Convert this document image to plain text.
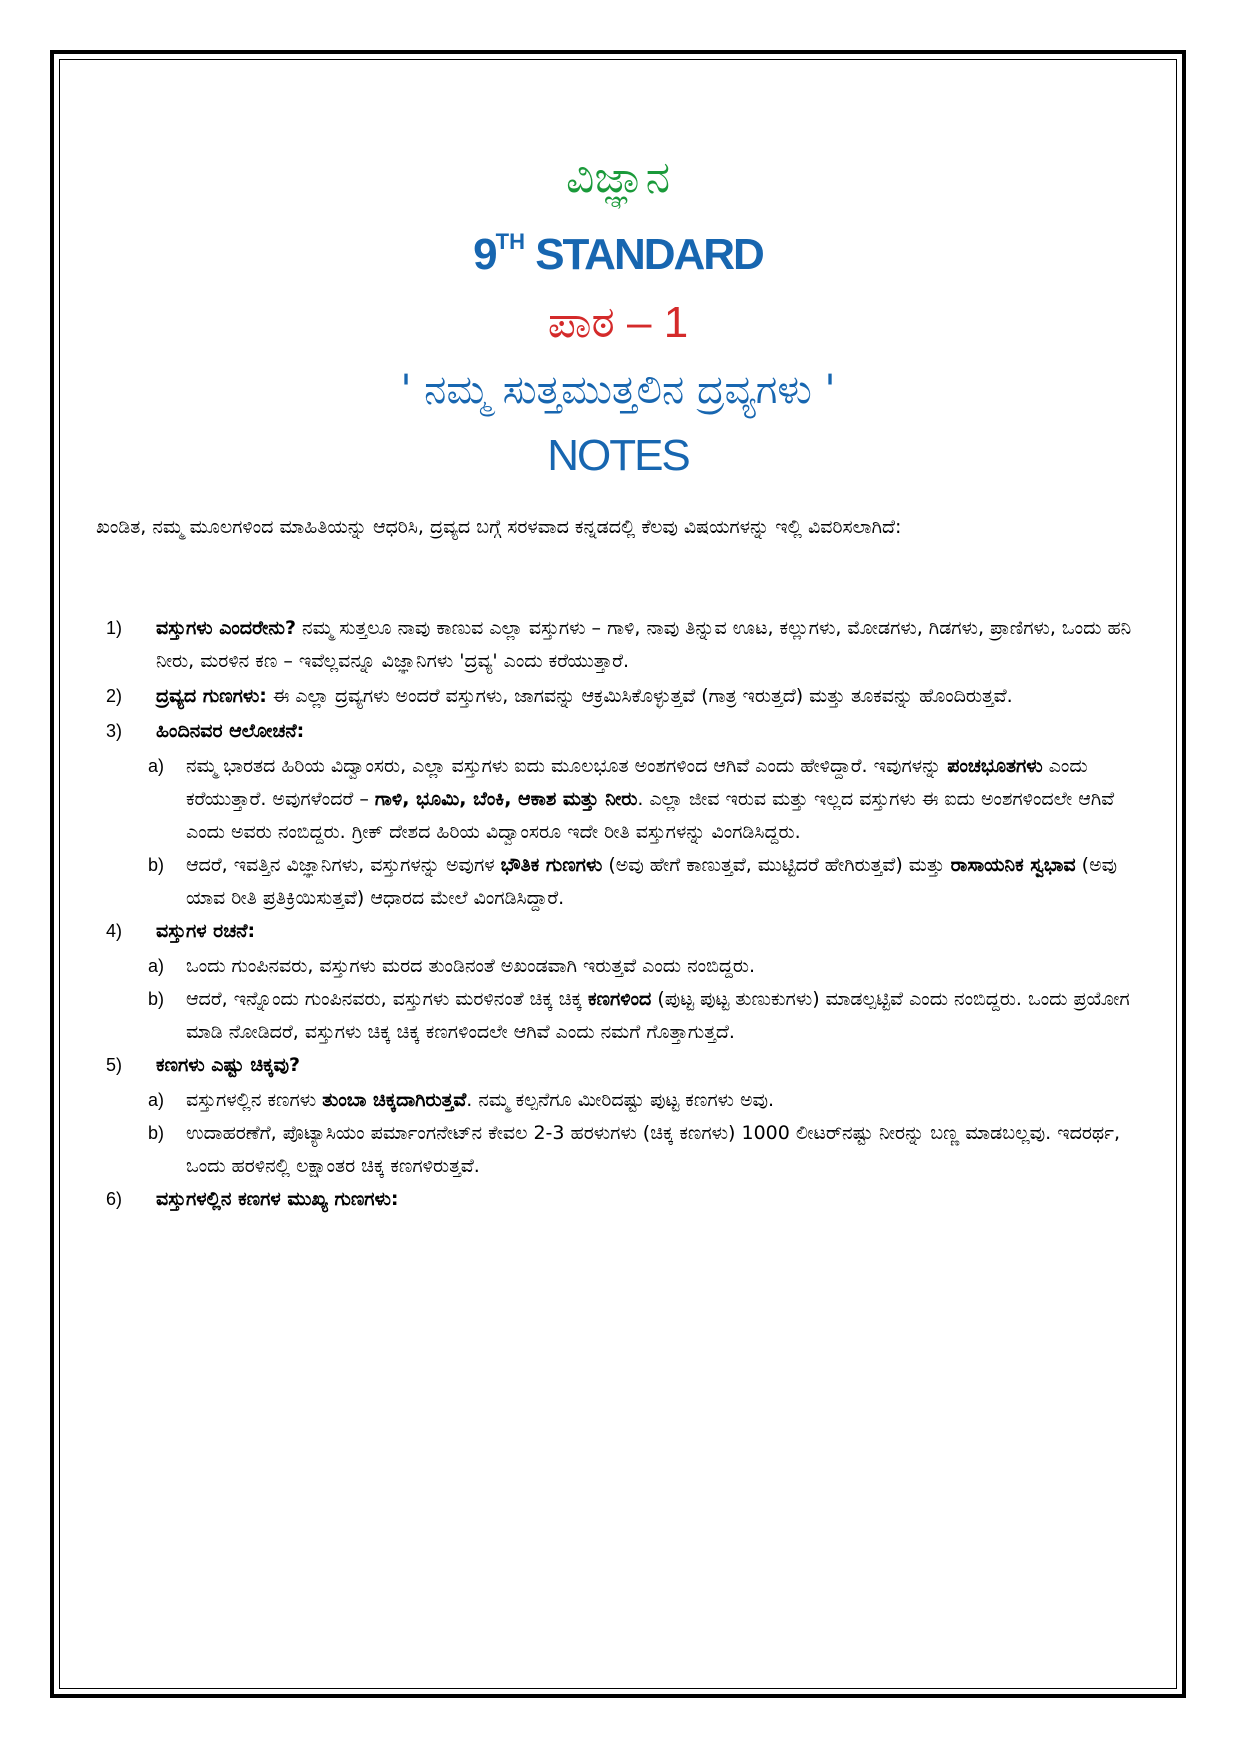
ವಿಜ್ಞಾನ
9TH STANDARD
ಪಾಠ – 1
' ನಮ್ಮ ಸುತ್ತಮುತ್ತಲಿನ ದ್ರವ್ಯಗಳು '
NOTES
ಖಂಡಿತ, ನಮ್ಮ ಮೂಲಗಳಿಂದ ಮಾಹಿತಿಯನ್ನು ಆಧರಿಸಿ, ದ್ರವ್ಯದ ಬಗ್ಗೆ ಸರಳವಾದ ಕನ್ನಡದಲ್ಲಿ ಕೆಲವು ವಿಷಯಗಳನ್ನು ಇಲ್ಲಿ ವಿವರಿಸಲಾಗಿದೆ:
1)	ವಸ್ತುಗಳು ಎಂದರೇನು? ನಮ್ಮ ಸುತ್ತಲೂ ನಾವು ಕಾಣುವ ಎಲ್ಲಾ ವಸ್ತುಗಳು – ಗಾಳಿ, ನಾವು ತಿನ್ನುವ ಊಟ, ಕಲ್ಲುಗಳು, ಮೋಡಗಳು, ಗಿಡಗಳು, ಪ್ರಾಣಿಗಳು, ಒಂದು ಹನಿ ನೀರು, ಮರಳಿನ ಕಣ – ಇವೆಲ್ಲವನ್ನೂ ವಿಜ್ಞಾನಿಗಳು 'ದ್ರವ್ಯ' ಎಂದು ಕರೆಯುತ್ತಾರೆ.
2)	ದ್ರವ್ಯದ ಗುಣಗಳು: ಈ ಎಲ್ಲಾ ದ್ರವ್ಯಗಳು ಅಂದರೆ ವಸ್ತುಗಳು, ಜಾಗವನ್ನು ಆಕ್ರಮಿಸಿಕೊಳ್ಳುತ್ತವೆ (ಗಾತ್ರ ಇರುತ್ತದೆ) ಮತ್ತು ತೂಕವನ್ನು ಹೊಂದಿರುತ್ತವೆ.
3)	ಹಿಂದಿನವರ ಆಲೋಚನೆ:
a)	ನಮ್ಮ ಭಾರತದ ಹಿರಿಯ ವಿದ್ವಾಂಸರು, ಎಲ್ಲಾ ವಸ್ತುಗಳು ಐದು ಮೂಲಭೂತ ಅಂಶಗಳಿಂದ ಆಗಿವೆ ಎಂದು ಹೇಳಿದ್ದಾರೆ. ಇವುಗಳನ್ನು ಪಂಚಭೂತಗಳು ಎಂದು ಕರೆಯುತ್ತಾರೆ. ಅವುಗಳೆಂದರೆ – ಗಾಳಿ, ಭೂಮಿ, ಬೆಂಕಿ, ಆಕಾಶ ಮತ್ತು ನೀರು. ಎಲ್ಲಾ ಜೀವ ಇರುವ ಮತ್ತು ಇಲ್ಲದ ವಸ್ತುಗಳು ಈ ಐದು ಅಂಶಗಳಿಂದಲೇ ಆಗಿವೆ ಎಂದು ಅವರು ನಂಬಿದ್ದರು. ಗ್ರೀಕ್ ದೇಶದ ಹಿರಿಯ ವಿದ್ವಾಂಸರೂ ಇದೇ ರೀತಿ ವಸ್ತುಗಳನ್ನು ವಿಂಗಡಿಸಿದ್ದರು.
b)	ಆದರೆ, ಇವತ್ತಿನ ವಿಜ್ಞಾನಿಗಳು, ವಸ್ತುಗಳನ್ನು ಅವುಗಳ ಭೌತಿಕ ಗುಣಗಳು (ಅವು ಹೇಗೆ ಕಾಣುತ್ತವೆ, ಮುಟ್ಟಿದರೆ ಹೇಗಿರುತ್ತವೆ) ಮತ್ತು ರಾಸಾಯನಿಕ ಸ್ವಭಾವ (ಅವು ಯಾವ ರೀತಿ ಪ್ರತಿಕ್ರಿಯಿಸುತ್ತವೆ) ಆಧಾರದ ಮೇಲೆ ವಿಂಗಡಿಸಿದ್ದಾರೆ.
4)	ವಸ್ತುಗಳ ರಚನೆ:
a)	ಒಂದು ಗುಂಪಿನವರು, ವಸ್ತುಗಳು ಮರದ ತುಂಡಿನಂತೆ ಅಖಂಡವಾಗಿ ಇರುತ್ತವೆ ಎಂದು ನಂಬಿದ್ದರು.
b)	ಆದರೆ, ಇನ್ನೊಂದು ಗುಂಪಿನವರು, ವಸ್ತುಗಳು ಮರಳಿನಂತೆ ಚಿಕ್ಕ ಚಿಕ್ಕ ಕಣಗಳಿಂದ (ಪುಟ್ಟ ಪುಟ್ಟ ತುಣುಕುಗಳು) ಮಾಡಲ್ಪಟ್ಟಿವೆ ಎಂದು ನಂಬಿದ್ದರು. ಒಂದು ಪ್ರಯೋಗ ಮಾಡಿ ನೋಡಿದರೆ, ವಸ್ತುಗಳು ಚಿಕ್ಕ ಚಿಕ್ಕ ಕಣಗಳಿಂದಲೇ ಆಗಿವೆ ಎಂದು ನಮಗೆ ಗೊತ್ತಾಗುತ್ತದೆ.
5)	ಕಣಗಳು ಎಷ್ಟು ಚಿಕ್ಕವು?
a)	ವಸ್ತುಗಳಲ್ಲಿನ ಕಣಗಳು ತುಂಬಾ ಚಿಕ್ಕದಾಗಿರುತ್ತವೆ. ನಮ್ಮ ಕಲ್ಪನೆಗೂ ಮೀರಿದಷ್ಟು ಪುಟ್ಟ ಕಣಗಳು ಅವು.
b)	ಉದಾಹರಣೆಗೆ, ಪೊಟ್ಯಾಸಿಯಂ ಪರ್ಮಾಂಗನೇಟ್‌ನ ಕೇವಲ 2-3 ಹರಳುಗಳು (ಚಿಕ್ಕ ಕಣಗಳು) 1000 ಲೀಟರ್‌ನಷ್ಟು ನೀರನ್ನು ಬಣ್ಣ ಮಾಡಬಲ್ಲವು. ಇದರರ್ಥ, ಒಂದು ಹರಳಿನಲ್ಲಿ ಲಕ್ಷಾಂತರ ಚಿಕ್ಕ ಕಣಗಳಿರುತ್ತವೆ.
6)	ವಸ್ತುಗಳಲ್ಲಿನ ಕಣಗಳ ಮುಖ್ಯ ಗುಣಗಳು:
